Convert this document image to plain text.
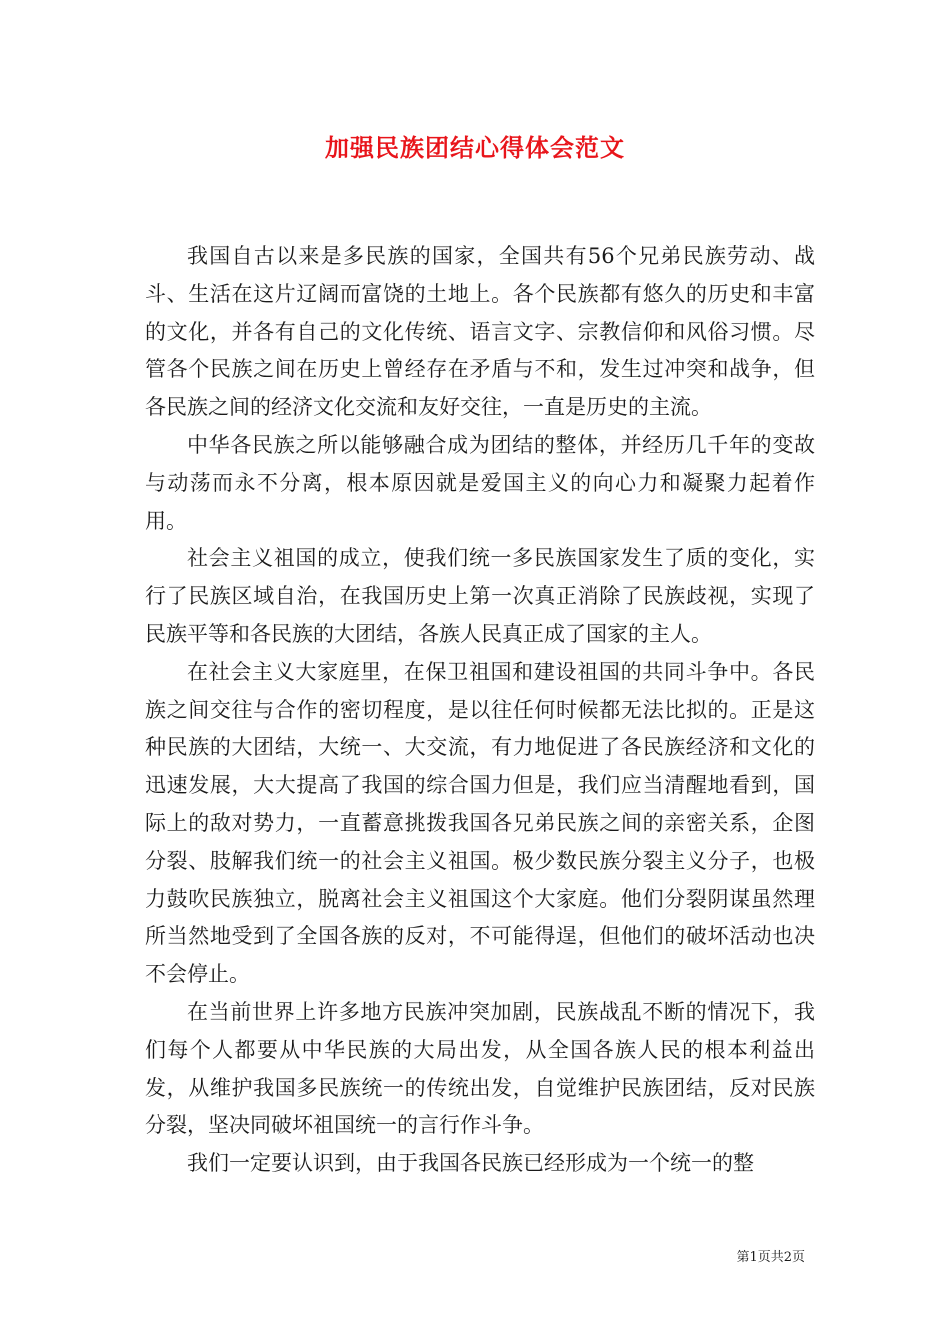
加强民族团结心得体会范文

我国自古以来是多民族的国家，全国共有56个兄弟民族劳动、战斗、生活在这片辽阔而富饶的土地上。各个民族都有悠久的历史和丰富的文化，并各有自己的文化传统、语言文字、宗教信仰和风俗习惯。尽管各个民族之间在历史上曾经存在矛盾与不和，发生过冲突和战争，但各民族之间的经济文化交流和友好交往，一直是历史的主流。

中华各民族之所以能够融合成为团结的整体，并经历几千年的变故与动荡而永不分离，根本原因就是爱国主义的向心力和凝聚力起着作用。

社会主义祖国的成立，使我们统一多民族国家发生了质的变化，实行了民族区域自治，在我国历史上第一次真正消除了民族歧视，实现了民族平等和各民族的大团结，各族人民真正成了国家的主人。

在社会主义大家庭里，在保卫祖国和建设祖国的共同斗争中。各民族之间交往与合作的密切程度，是以往任何时候都无法比拟的。正是这种民族的大团结，大统一、大交流，有力地促进了各民族经济和文化的迅速发展，大大提高了我国的综合国力但是，我们应当清醒地看到，国际上的敌对势力，一直蓄意挑拨我国各兄弟民族之间的亲密关系，企图分裂、肢解我们统一的社会主义祖国。极少数民族分裂主义分子，也极力鼓吹民族独立，脱离社会主义祖国这个大家庭。他们分裂阴谋虽然理所当然地受到了全国各族的反对，不可能得逞，但他们的破坏活动也决不会停止。

在当前世界上许多地方民族冲突加剧，民族战乱不断的情况下，我们每个人都要从中华民族的大局出发，从全国各族人民的根本利益出发，从维护我国多民族统一的传统出发，自觉维护民族团结，反对民族分裂，坚决同破坏祖国统一的言行作斗争。

我们一定要认识到，由于我国各民族已经形成为一个统一的整

第1页共2页
